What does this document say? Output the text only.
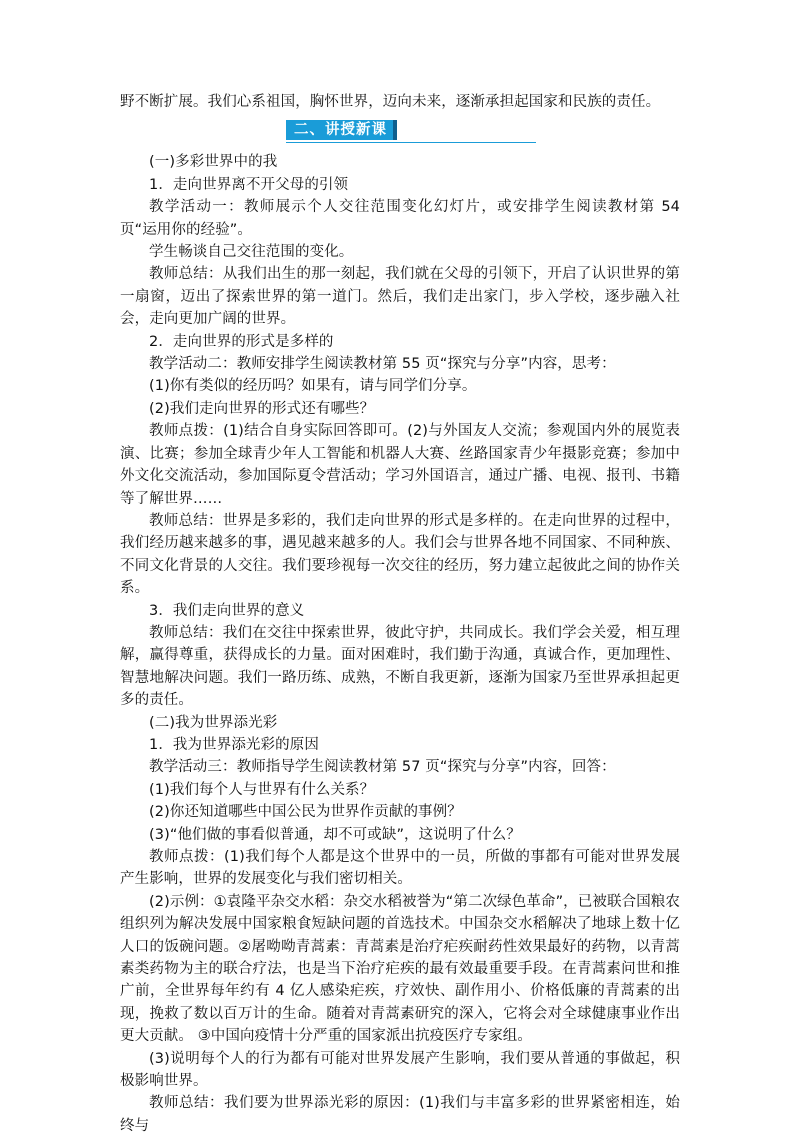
野不断扩展。我们心系祖国，胸怀世界，迈向未来，逐渐承担起国家和民族的责任。

二、讲授新课

(一)多彩世界中的我

1．走向世界离不开父母的引领

教学活动一：教师展示个人交往范围变化幻灯片，或安排学生阅读教材第 54 页“运用你的经验”。

学生畅谈自己交往范围的变化。

教师总结：从我们出生的那一刻起，我们就在父母的引领下，开启了认识世界的第一扇窗，迈出了探索世界的第一道门。然后，我们走出家门，步入学校，逐步融入社会，走向更加广阔的世界。

2．走向世界的形式是多样的

教学活动二：教师安排学生阅读教材第 55 页“探究与分享”内容，思考：

(1)你有类似的经历吗？如果有，请与同学们分享。

(2)我们走向世界的形式还有哪些？

教师点拨：(1)结合自身实际回答即可。(2)与外国友人交流；参观国内外的展览表演、比赛；参加全球青少年人工智能和机器人大赛、丝路国家青少年摄影竞赛；参加中外文化交流活动，参加国际夏令营活动；学习外国语言，通过广播、电视、报刊、书籍等了解世界……

教师总结：世界是多彩的，我们走向世界的形式是多样的。在走向世界的过程中，我们经历越来越多的事，遇见越来越多的人。我们会与世界各地不同国家、不同种族、不同文化背景的人交往。我们要珍视每一次交往的经历，努力建立起彼此之间的协作关系。

3．我们走向世界的意义

教师总结：我们在交往中探索世界，彼此守护，共同成长。我们学会关爱，相互理解，赢得尊重，获得成长的力量。面对困难时，我们勤于沟通，真诚合作，更加理性、智慧地解决问题。我们一路历练、成熟，不断自我更新，逐渐为国家乃至世界承担起更多的责任。

(二)我为世界添光彩

1．我为世界添光彩的原因

教学活动三：教师指导学生阅读教材第 57 页“探究与分享”内容，回答：

(1)我们每个人与世界有什么关系？

(2)你还知道哪些中国公民为世界作贡献的事例？

(3)“他们做的事看似普通，却不可或缺”，这说明了什么？

教师点拨：(1)我们每个人都是这个世界中的一员，所做的事都有可能对世界发展产生影响，世界的发展变化与我们密切相关。

(2)示例：①袁隆平杂交水稻：杂交水稻被誉为“第二次绿色革命”，已被联合国粮农组织列为解决发展中国家粮食短缺问题的首选技术。中国杂交水稻解决了地球上数十亿人口的饭碗问题。②屠呦呦青蒿素：青蒿素是治疗疟疾耐药性效果最好的药物，以青蒿素类药物为主的联合疗法，也是当下治疗疟疾的最有效最重要手段。在青蒿素问世和推广前，全世界每年约有 4 亿人感染疟疾，疗效快、副作用小、价格低廉的青蒿素的出现，挽救了数以百万计的生命。随着对青蒿素研究的深入，它将会对全球健康事业作出更大贡献。 ③中国向疫情十分严重的国家派出抗疫医疗专家组。

(3)说明每个人的行为都有可能对世界发展产生影响，我们要从普通的事做起，积极影响世界。

教师总结：我们要为世界添光彩的原因：(1)我们与丰富多彩的世界紧密相连，始终与
